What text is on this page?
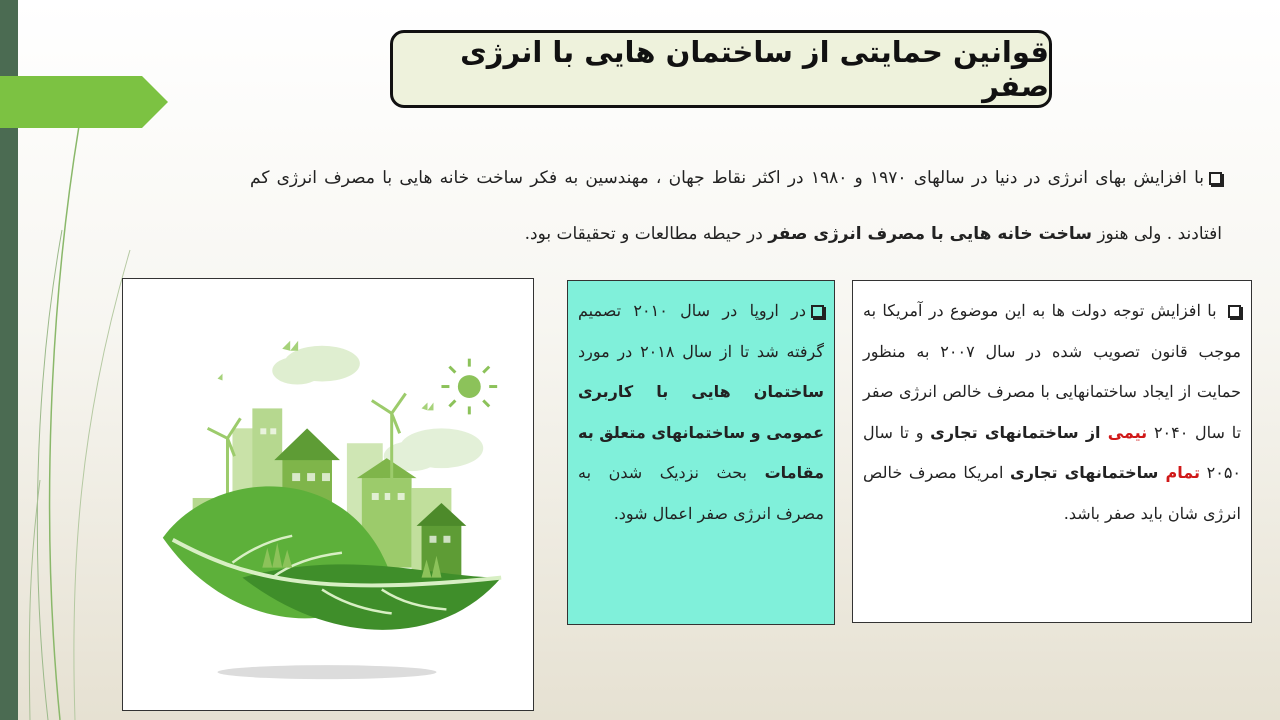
قوانین حمایتی از ساختمان هایی با انرژی صفر
با افزایش بهای انرژی در دنیا در سالهای ۱۹۷۰ و ۱۹۸۰ در اکثر نقاط جهان ، مهندسین به فکر ساخت خانه هایی با مصرف انرژی کم افتادند . ولی هنوز ساخت خانه هایی با مصرف انرژی صفر در حیطه مطالعات و تحقیقات بود.
در اروپا در سال ۲۰۱۰ تصمیم گرفته شد تا از سال ۲۰۱۸ در مورد ساختمان هایی با کاربری عمومی و ساختمانهای متعلق به مقامات بحث نزدیک شدن به مصرف انرژی صفر اعمال شود.
با افزایش توجه دولت ها به این موضوع در آمریکا به موجب قانون تصویب شده در سال ۲۰۰۷ به منظور حمایت از ایجاد ساختمانهایی با مصرف خالص انرژی صفر تا سال ۲۰۴۰ نیمی از ساختمانهای تجاری و تا سال ۲۰۵۰ تمام ساختمانهای تجاری امریکا مصرف خالص انرژی شان باید صفر باشد.
